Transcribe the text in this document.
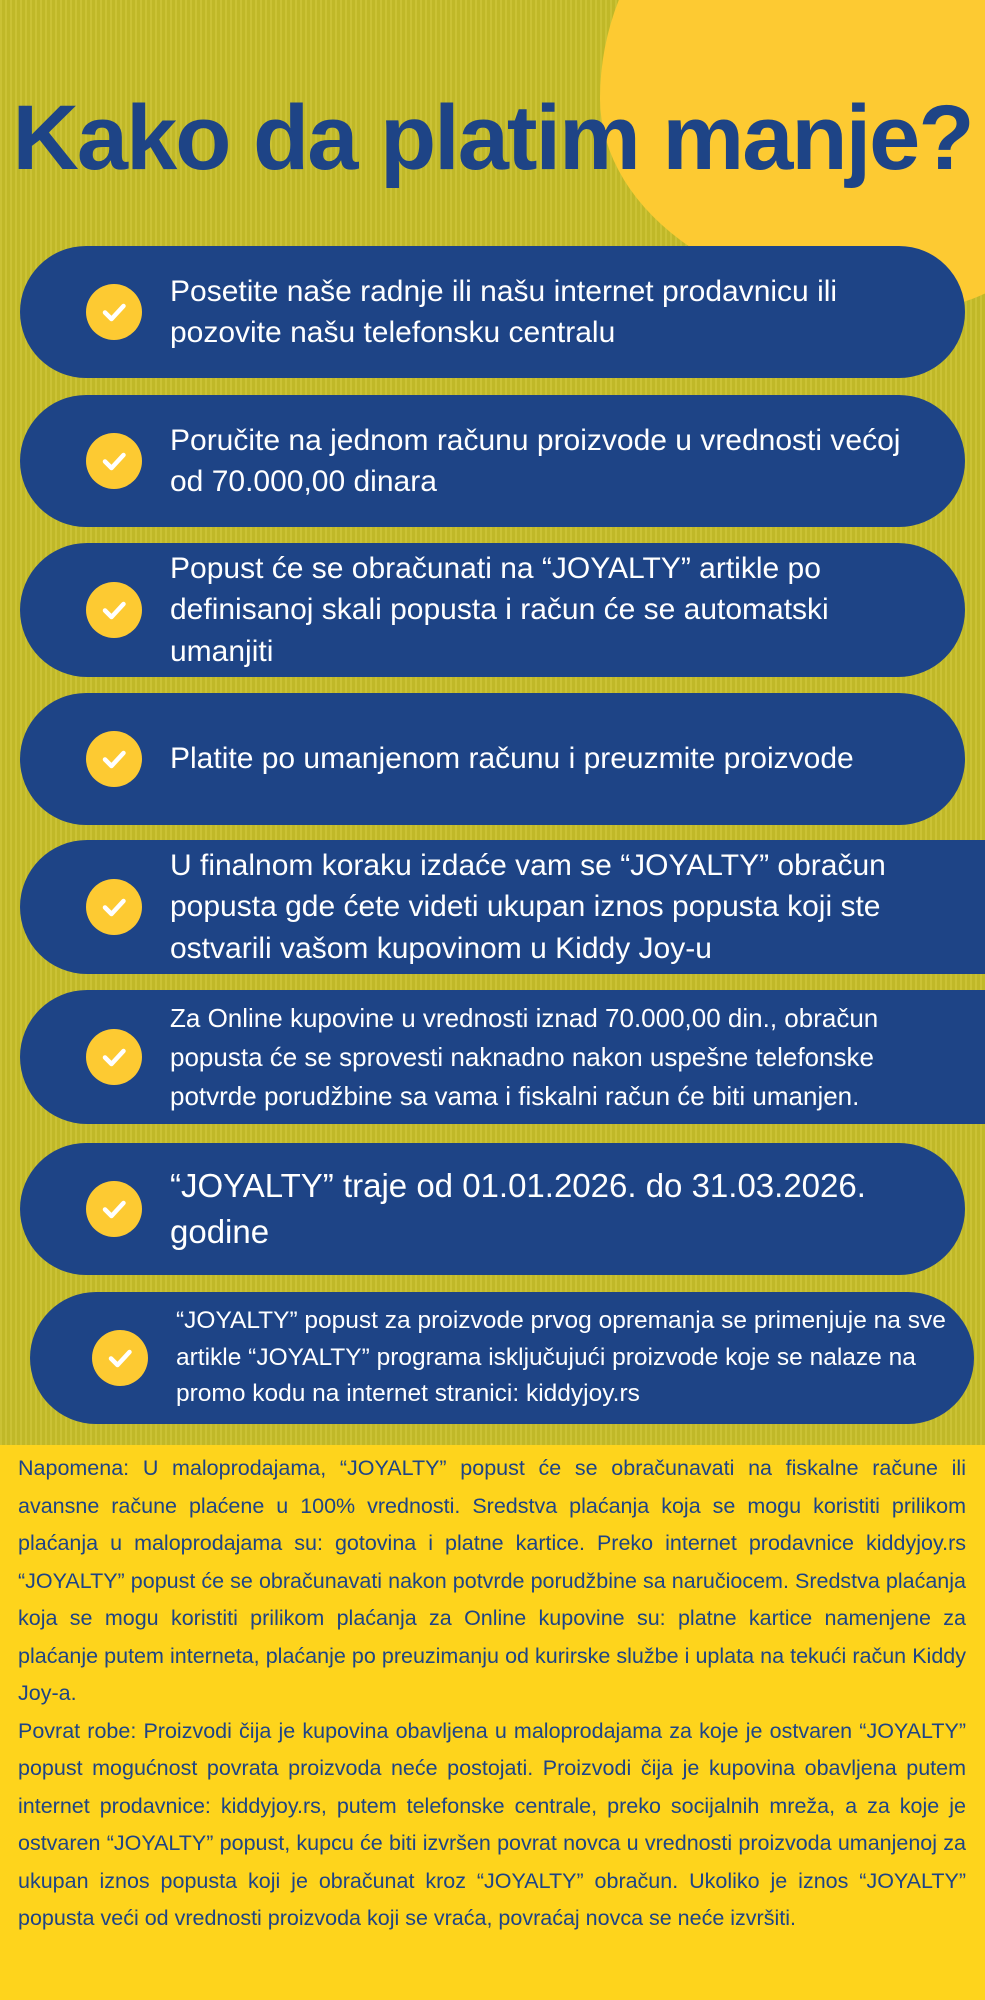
Kako da platim manje?
Posetite naše radnje ili našu internet prodavnicu ili pozovite našu telefonsku centralu
Poručite na jednom računu proizvode u vrednosti većoj od 70.000,00 dinara
Popust će se obračunati na “JOYALTY” artikle po definisanoj skali popusta i račun će se automatski umanjiti
Platite po umanjenom računu i preuzmite proizvode
U finalnom koraku izdaće vam se “JOYALTY” obračun popusta gde ćete videti ukupan iznos popusta koji ste ostvarili vašom kupovinom u Kiddy Joy-u
Za Online kupovine u vrednosti iznad 70.000,00 din., obračun popusta će se sprovesti naknadno nakon uspešne telefonske potvrde porudžbine sa vama i fiskalni račun će biti umanjen.
“JOYALTY” traje od 01.01.2026. do 31.03.2026. godine
“JOYALTY” popust za proizvode prvog opremanja se primenjuje na sve artikle “JOYALTY” programa isključujući proizvode koje se nalaze na promo kodu na internet stranici: kiddyjoy.rs

Napomena: U maloprodajama, “JOYALTY” popust će se obračunavati na fiskalne račune ili avansne račune plaćene u 100% vrednosti. Sredstva plaćanja koja se mogu koristiti prilikom plaćanja u maloprodajama su: gotovina i platne kartice. Preko internet prodavnice kiddyjoy.rs “JOYALTY” popust će se obračunavati nakon potvrde porudžbine sa naručiocem. Sredstva plaćanja koja se mogu koristiti prilikom plaćanja za Online kupovine su: platne kartice namenjene za plaćanje putem interneta, plaćanje po preuzimanju od kurirske službe i uplata na tekući račun Kiddy Joy-a.

Povrat robe: Proizvodi čija je kupovina obavljena u maloprodajama za koje je ostvaren “JOYALTY” popust mogućnost povrata proizvoda neće postojati. Proizvodi čija je kupovina obavljena putem internet prodavnice: kiddyjoy.rs, putem telefonske centrale, preko socijalnih mreža, a za koje je ostvaren “JOYALTY” popust, kupcu će biti izvršen povrat novca u vrednosti proizvoda umanjenoj za ukupan iznos popusta koji je obračunat kroz “JOYALTY” obračun. Ukoliko je iznos “JOYALTY” popusta veći od vrednosti proizvoda koji se vraća, povraćaj novca se neće izvršiti.
